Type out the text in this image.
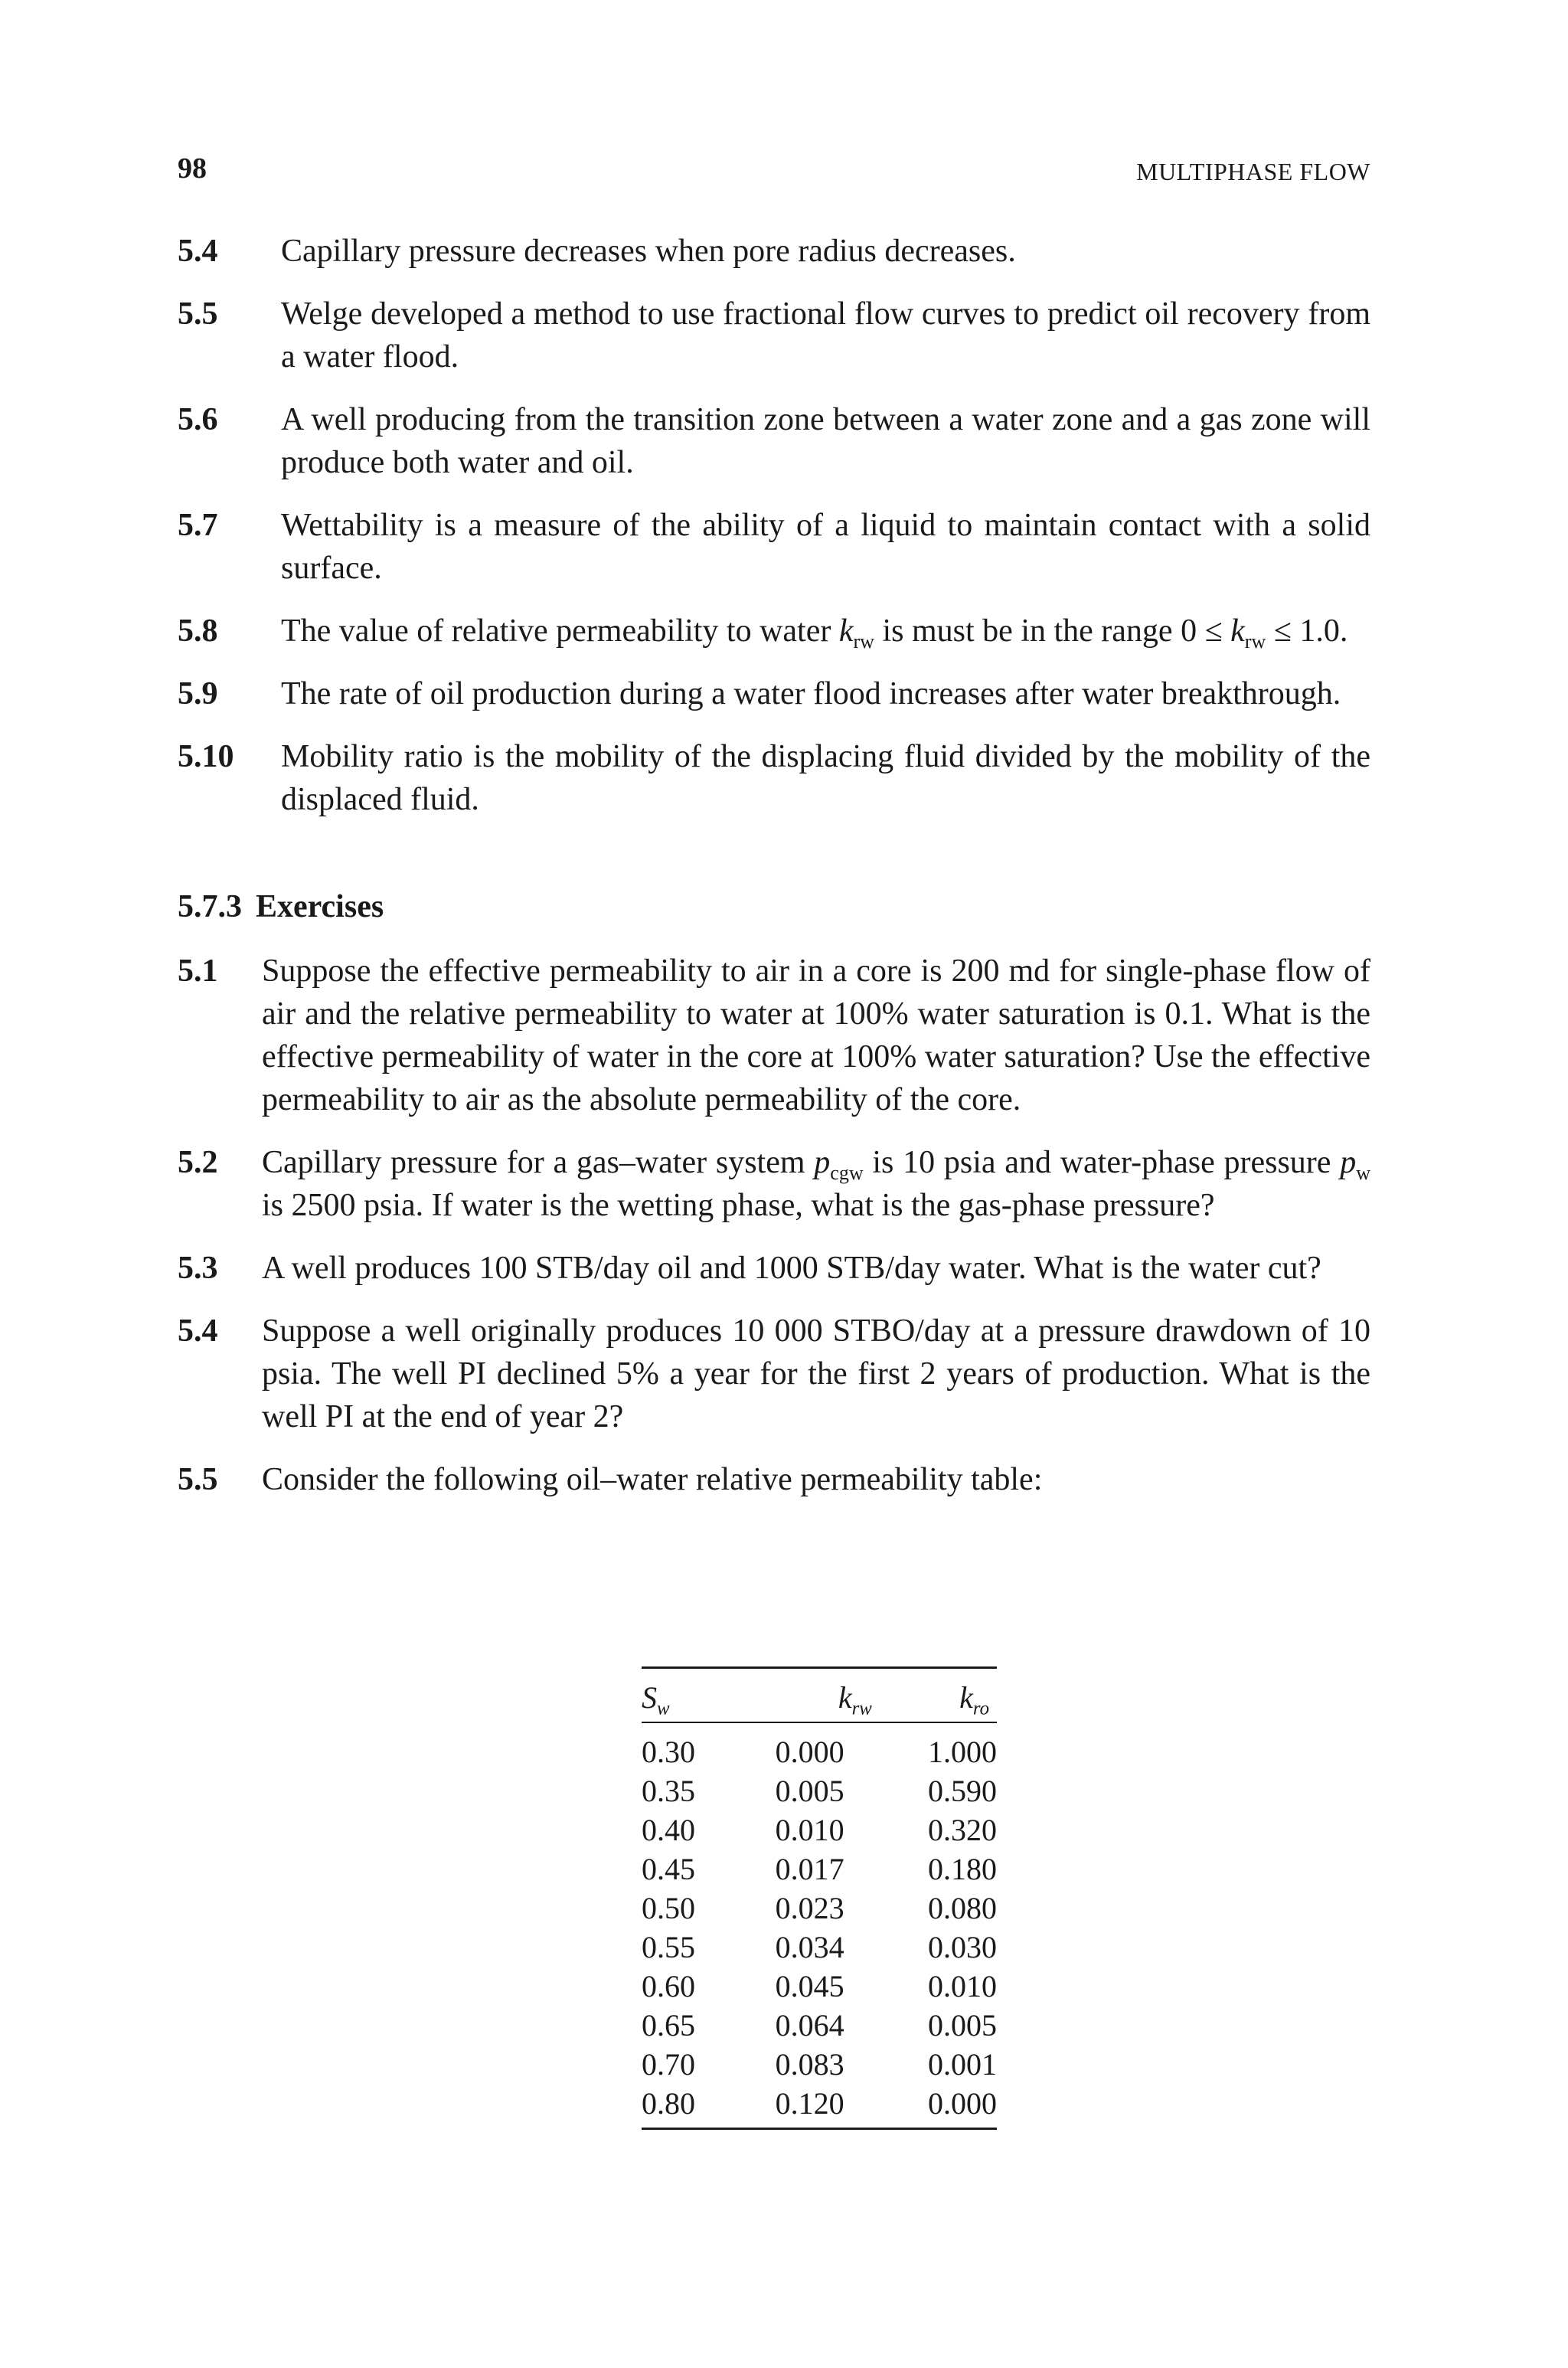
98	MULTIPHASE FLOW
5.4	Capillary pressure decreases when pore radius decreases.
5.5	Welge developed a method to use fractional flow curves to predict oil recovery from a water flood.
5.6	A well producing from the transition zone between a water zone and a gas zone will produce both water and oil.
5.7	Wettability is a measure of the ability of a liquid to maintain contact with a solid surface.
5.8	The value of relative permeability to water $k_{rw}$ is must be in the range $0 \le k_{rw} \le 1.0$.
5.9	The rate of oil production during a water flood increases after water breakthrough.
5.10	Mobility ratio is the mobility of the displacing fluid divided by the mobility of the displaced fluid.
5.7.3 Exercises
5.1	Suppose the effective permeability to air in a core is 200 md for single-phase flow of air and the relative permeability to water at 100% water saturation is 0.1. What is the effective permeability of water in the core at 100% water saturation? Use the effective permeability to air as the absolute permeability of the core.
5.2	Capillary pressure for a gas–water system $p_{cgw}$ is 10 psia and water-phase pressure $p_w$ is 2500 psia. If water is the wetting phase, what is the gas-phase pressure?
5.3	A well produces 100 STB/day oil and 1000 STB/day water. What is the water cut?
5.4	Suppose a well originally produces 10 000 STBO/day at a pressure drawdown of 10 psia. The well PI declined 5% a year for the first 2 years of production. What is the well PI at the end of year 2?
5.5	Consider the following oil–water relative permeability table:
$S_w$	$k_{rw}$	$k_{ro}$
0.30	0.000	1.000
0.35	0.005	0.590
0.40	0.010	0.320
0.45	0.017	0.180
0.50	0.023	0.080
0.55	0.034	0.030
0.60	0.045	0.010
0.65	0.064	0.005
0.70	0.083	0.001
0.80	0.120	0.000
